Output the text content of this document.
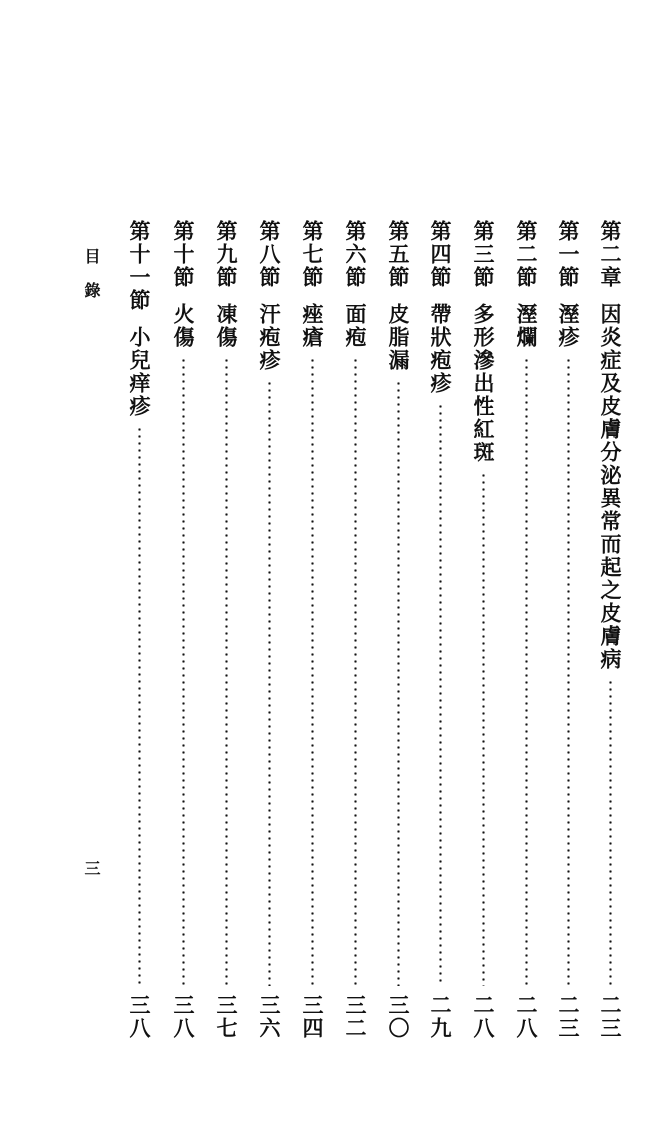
第二章
因炎症及皮膚分泌異常而起之皮膚病
二三
第一節
溼疹
二三
第二節
溼爛
二八
第三節
多形滲出性紅斑
二八
第四節
帶狀疱疹
二九
第五節
皮脂漏
三〇
第六節
面疱
三二
第七節
痤瘡
三四
第八節
汗疱疹
三六
第九節
凍傷
三七
第十節
火傷
三八
第十一節
小兒痒疹
三八
目錄
三
